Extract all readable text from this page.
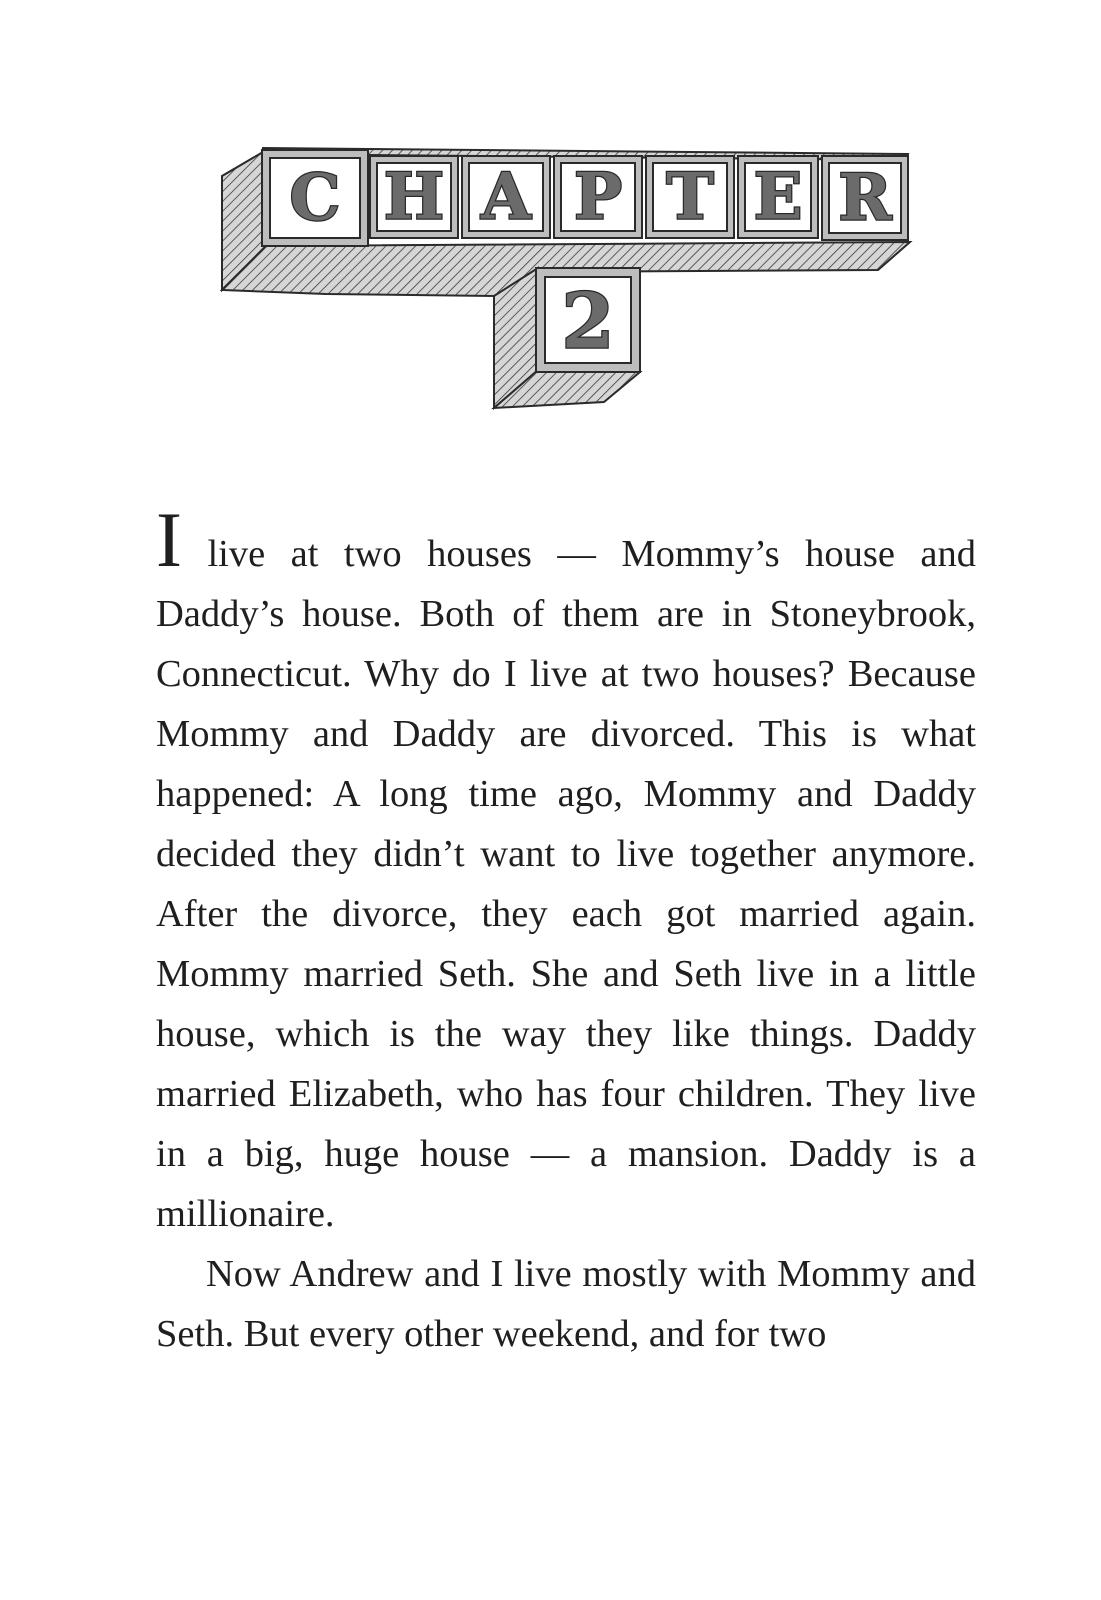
C H A P T E R
2

I live at two houses — Mommy’s house and Daddy’s house. Both of them are in Stoneybrook, Connecticut. Why do I live at two houses? Because Mommy and Daddy are divorced. This is what happened: A long time ago, Mommy and Daddy decided they didn’t want to live together anymore. After the divorce, they each got married again. Mommy married Seth. She and Seth live in a little house, which is the way they like things. Daddy married Elizabeth, who has four children. They live in a big, huge house — a mansion. Daddy is a millionaire.

Now Andrew and I live mostly with Mommy and Seth. But every other weekend, and for two
